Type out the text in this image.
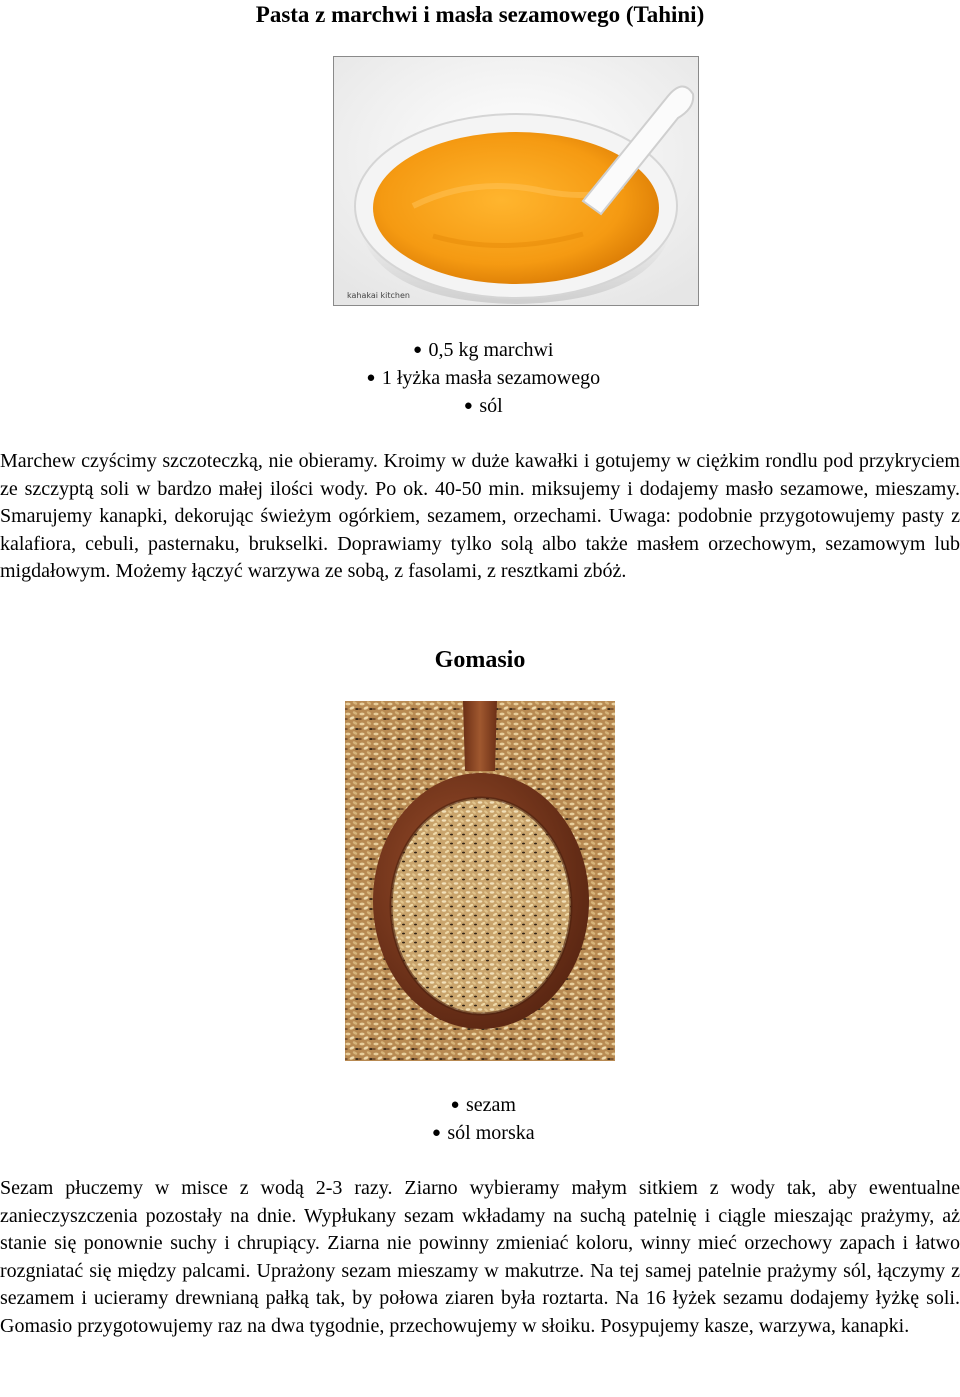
Pasta z marchwi i masła sezamowego (Tahini)
kahakai kitchen
● 0,5 kg marchwi
● 1 łyżka masła sezamowego
● sól

Marchew czyścimy szczoteczką, nie obieramy. Kroimy w duże kawałki i gotujemy w ciężkim rondlu pod przykryciem ze szczyptą soli w bardzo małej ilości wody. Po ok. 40-50 min. miksujemy i dodajemy masło sezamowe, mieszamy. Smarujemy kanapki, dekorując świeżym ogórkiem, sezamem, orzechami. Uwaga: podobnie przygotowujemy pasty z kalafiora, cebuli, pasternaku, brukselki. Doprawiamy tylko solą albo także masłem orzechowym, sezamowym lub migdałowym. Możemy łączyć warzywa ze sobą, z fasolami, z resztkami zbóż.

Gomasio
● sezam
● sól morska

Sezam płuczemy w misce z wodą 2-3 razy. Ziarno wybieramy małym sitkiem z wody tak, aby ewentualne zanieczyszczenia pozostały na dnie. Wypłukany sezam wkładamy na suchą patelnię i ciągle mieszając prażymy, aż stanie się ponownie suchy i chrupiący. Ziarna nie powinny zmieniać koloru, winny mieć orzechowy zapach i łatwo rozgniatać się między palcami. Uprażony sezam mieszamy w makutrze. Na tej samej patelnie prażymy sól, łączymy z sezamem i ucieramy drewnianą pałką tak, by połowa ziaren była roztarta. Na 16 łyżek sezamu dodajemy łyżkę soli. Gomasio przygotowujemy raz na dwa tygodnie, przechowujemy w słoiku. Posypujemy kasze, warzywa, kanapki.
